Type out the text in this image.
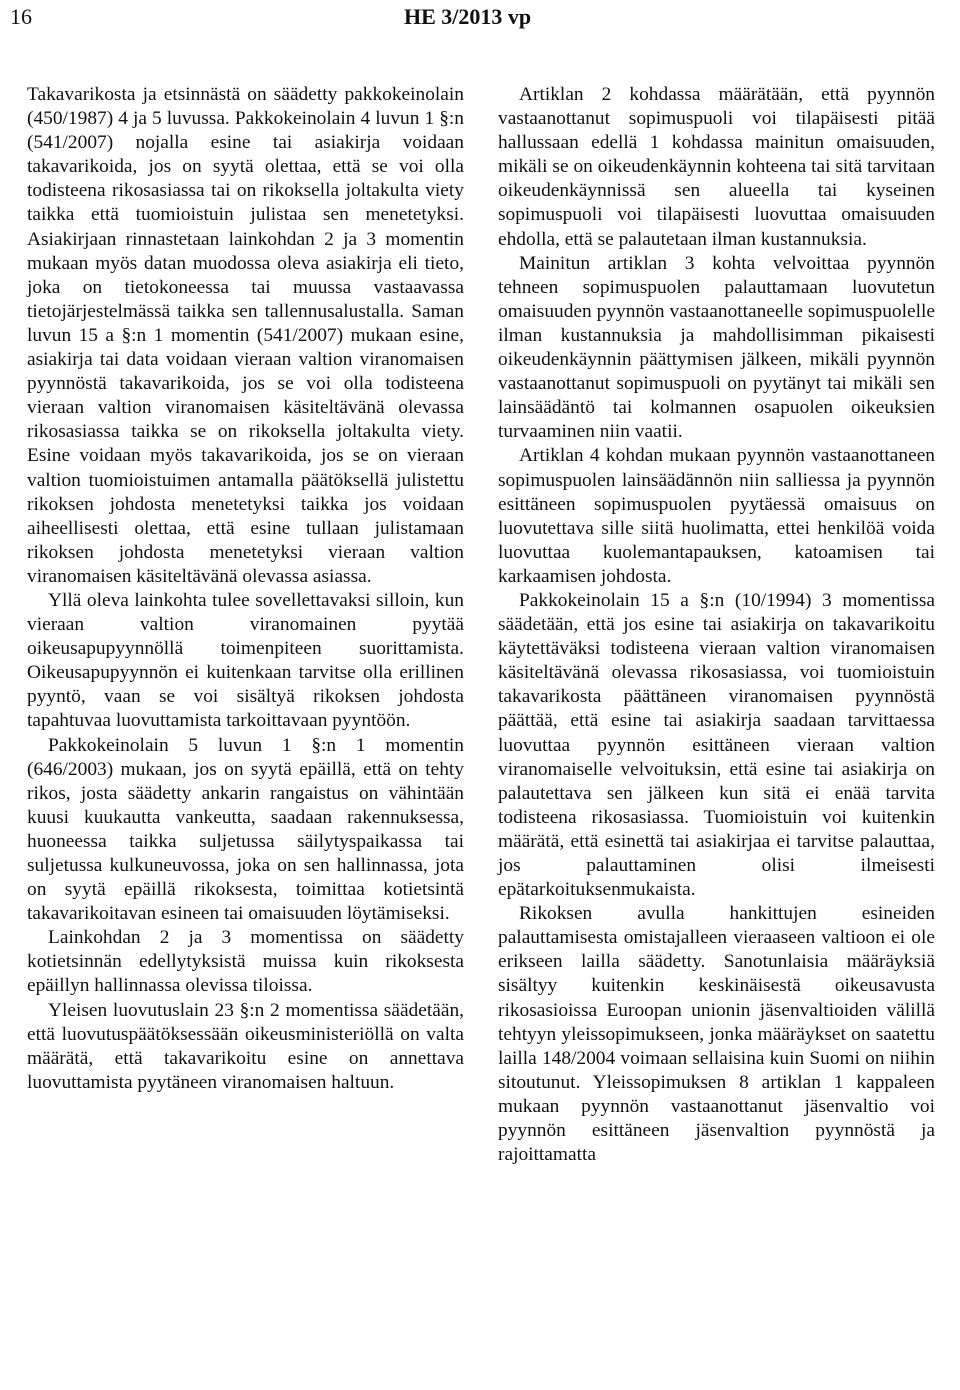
16	HE 3/2013 vp

Takavarikosta ja etsinnästä on säädetty pakkokeinolain (450/1987) 4 ja 5 luvussa. Pakkokeinolain 4 luvun 1 §:n (541/2007) nojalla esine tai asiakirja voidaan takavarikoida, jos on syytä olettaa, että se voi olla todisteena rikosasiassa tai on rikoksella joltakulta viety taikka että tuomioistuin julistaa sen menetetyksi. Asiakirjaan rinnastetaan lainkohdan 2 ja 3 momentin mukaan myös datan muodossa oleva asiakirja eli tieto, joka on tietokoneessa tai muussa vastaavassa tietojärjestelmässä taikka sen tallennusalustalla. Saman luvun 15 a §:n 1 momentin (541/2007) mukaan esine, asiakirja tai data voidaan vieraan valtion viranomaisen pyynnöstä takavarikoida, jos se voi olla todisteena vieraan valtion viranomaisen käsiteltävänä olevassa rikosasiassa taikka se on rikoksella joltakulta viety. Esine voidaan myös takavarikoida, jos se on vieraan valtion tuomioistuimen antamalla päätöksellä julistettu rikoksen johdosta menetetyksi taikka jos voidaan aiheellisesti olettaa, että esine tullaan julistamaan rikoksen johdosta menetetyksi vieraan valtion viranomaisen käsiteltävänä olevassa asiassa.

Yllä oleva lainkohta tulee sovellettavaksi silloin, kun vieraan valtion viranomainen pyytää oikeusapupyynnöllä toimenpiteen suorittamista. Oikeusapupyynnön ei kuitenkaan tarvitse olla erillinen pyyntö, vaan se voi sisältyä rikoksen johdosta tapahtuvaa luovuttamista tarkoittavaan pyyntöön.

Pakkokeinolain 5 luvun 1 §:n 1 momentin (646/2003) mukaan, jos on syytä epäillä, että on tehty rikos, josta säädetty ankarin rangaistus on vähintään kuusi kuukautta vankeutta, saadaan rakennuksessa, huoneessa taikka suljetussa säilytyspaikassa tai suljetussa kulkuneuvossa, joka on sen hallinnassa, jota on syytä epäillä rikoksesta, toimittaa kotietsintä takavarikoitavan esineen tai omaisuuden löytämiseksi.

Lainkohdan 2 ja 3 momentissa on säädetty kotietsinnän edellytyksistä muissa kuin rikoksesta epäillyn hallinnassa olevissa tiloissa.

Yleisen luovutuslain 23 §:n 2 momentissa säädetään, että luovutuspäätöksessään oikeusministeriöllä on valta määrätä, että takavarikoitu esine on annettava luovuttamista pyytäneen viranomaisen haltuun.

Artiklan 2 kohdassa määrätään, että pyynnön vastaanottanut sopimuspuoli voi tilapäisesti pitää hallussaan edellä 1 kohdassa mainitun omaisuuden, mikäli se on oikeudenkäynnin kohteena tai sitä tarvitaan oikeudenkäynnissä sen alueella tai kyseinen sopimuspuoli voi tilapäisesti luovuttaa omaisuuden ehdolla, että se palautetaan ilman kustannuksia.

Mainitun artiklan 3 kohta velvoittaa pyynnön tehneen sopimuspuolen palauttamaan luovutetun omaisuuden pyynnön vastaanottaneelle sopimuspuolelle ilman kustannuksia ja mahdollisimman pikaisesti oikeudenkäynnin päättymisen jälkeen, mikäli pyynnön vastaanottanut sopimuspuoli on pyytänyt tai mikäli sen lainsäädäntö tai kolmannen osapuolen oikeuksien turvaaminen niin vaatii.

Artiklan 4 kohdan mukaan pyynnön vastaanottaneen sopimuspuolen lainsäädännön niin salliessa ja pyynnön esittäneen sopimuspuolen pyytäessä omaisuus on luovutettava sille siitä huolimatta, ettei henkilöä voida luovuttaa kuolemantapauksen, katoamisen tai karkaamisen johdosta.

Pakkokeinolain 15 a §:n (10/1994) 3 momentissa säädetään, että jos esine tai asiakirja on takavarikoitu käytettäväksi todisteena vieraan valtion viranomaisen käsiteltävänä olevassa rikosasiassa, voi tuomioistuin takavarikosta päättäneen viranomaisen pyynnöstä päättää, että esine tai asiakirja saadaan tarvittaessa luovuttaa pyynnön esittäneen vieraan valtion viranomaiselle velvoituksin, että esine tai asiakirja on palautettava sen jälkeen kun sitä ei enää tarvita todisteena rikosasiassa. Tuomioistuin voi kuitenkin määrätä, että esinettä tai asiakirjaa ei tarvitse palauttaa, jos palauttaminen olisi ilmeisesti epätarkoituksenmukaista.

Rikoksen avulla hankittujen esineiden palauttamisesta omistajalleen vieraaseen valtioon ei ole erikseen lailla säädetty. Sanotunlaisia määräyksiä sisältyy kuitenkin keskinäisestä oikeusavusta rikosasioissa Euroopan unionin jäsenvaltioiden välillä tehtyyn yleissopimukseen, jonka määräykset on saatettu lailla 148/2004 voimaan sellaisina kuin Suomi on niihin sitoutunut. Yleissopimuksen 8 artiklan 1 kappaleen mukaan pyynnön vastaanottanut jäsenvaltio voi pyynnön esittäneen jäsenvaltion pyynnöstä ja rajoittamatta
